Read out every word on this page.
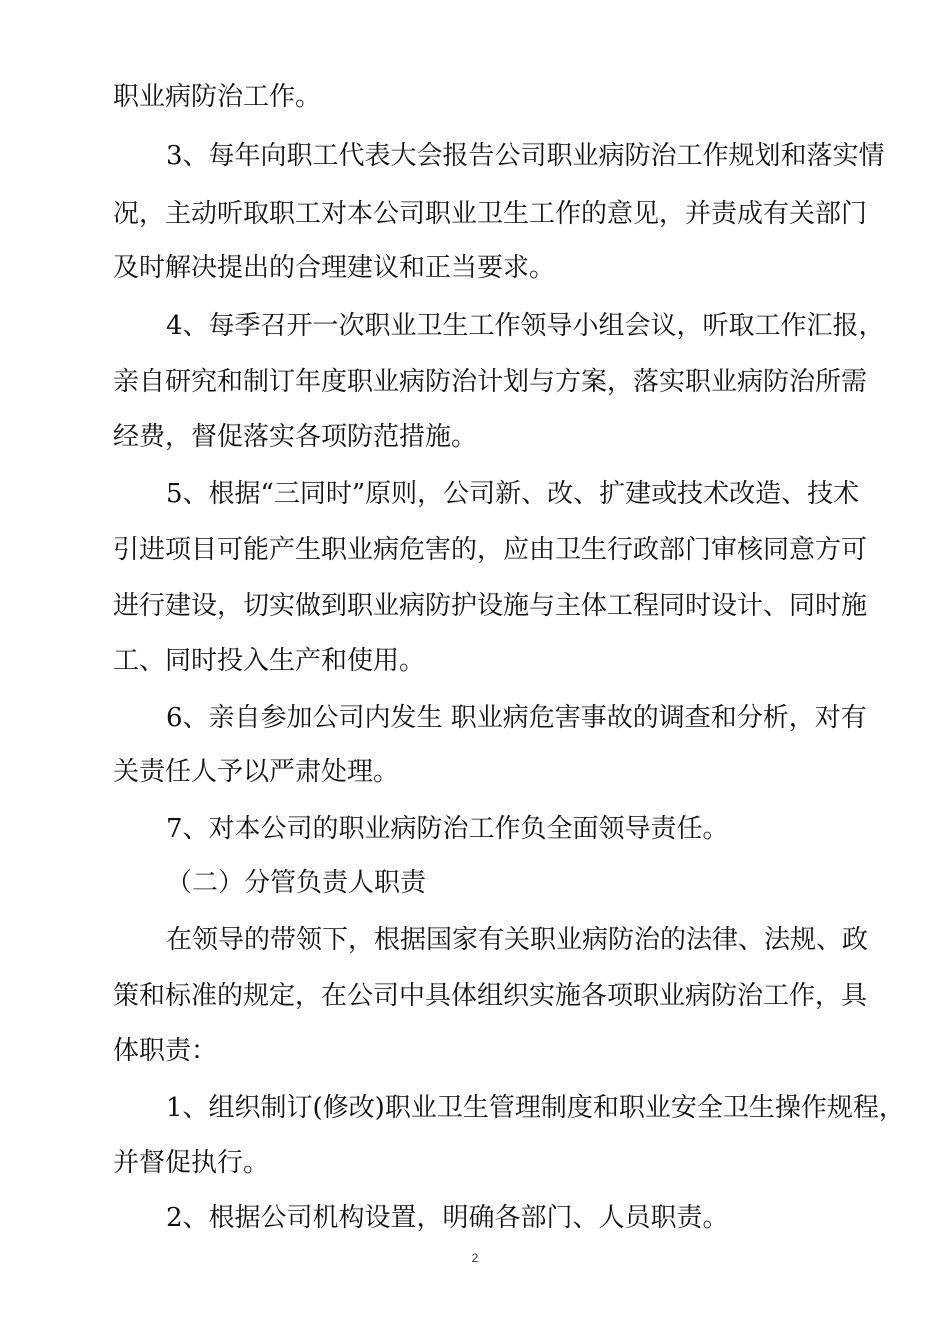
职业病防治工作。
3、每年向职工代表大会报告公司职业病防治工作规划和落实情
况，主动听取职工对本公司职业卫生工作的意见，并责成有关部门
及时解决提出的合理建议和正当要求。
4、每季召开一次职业卫生工作领导小组会议，听取工作汇报，
亲自研究和制订年度职业病防治计划与方案，落实职业病防治所需
经费，督促落实各项防范措施。
5、根据“三同时”原则，公司新、改、扩建或技术改造、技术
引进项目可能产生职业病危害的，应由卫生行政部门审核同意方可
进行建设，切实做到职业病防护设施与主体工程同时设计、同时施
工、同时投入生产和使用。
6、亲自参加公司内发生 职业病危害事故的调查和分析，对有
关责任人予以严肃处理。
7、对本公司的职业病防治工作负全面领导责任。
（二）分管负责人职责
在领导的带领下，根据国家有关职业病防治的法律、法规、政
策和标准的规定，在公司中具体组织实施各项职业病防治工作，具
体职责：
1、组织制订(修改)职业卫生管理制度和职业安全卫生操作规程，
并督促执行。
2、根据公司机构设置，明确各部门、人员职责。
2
